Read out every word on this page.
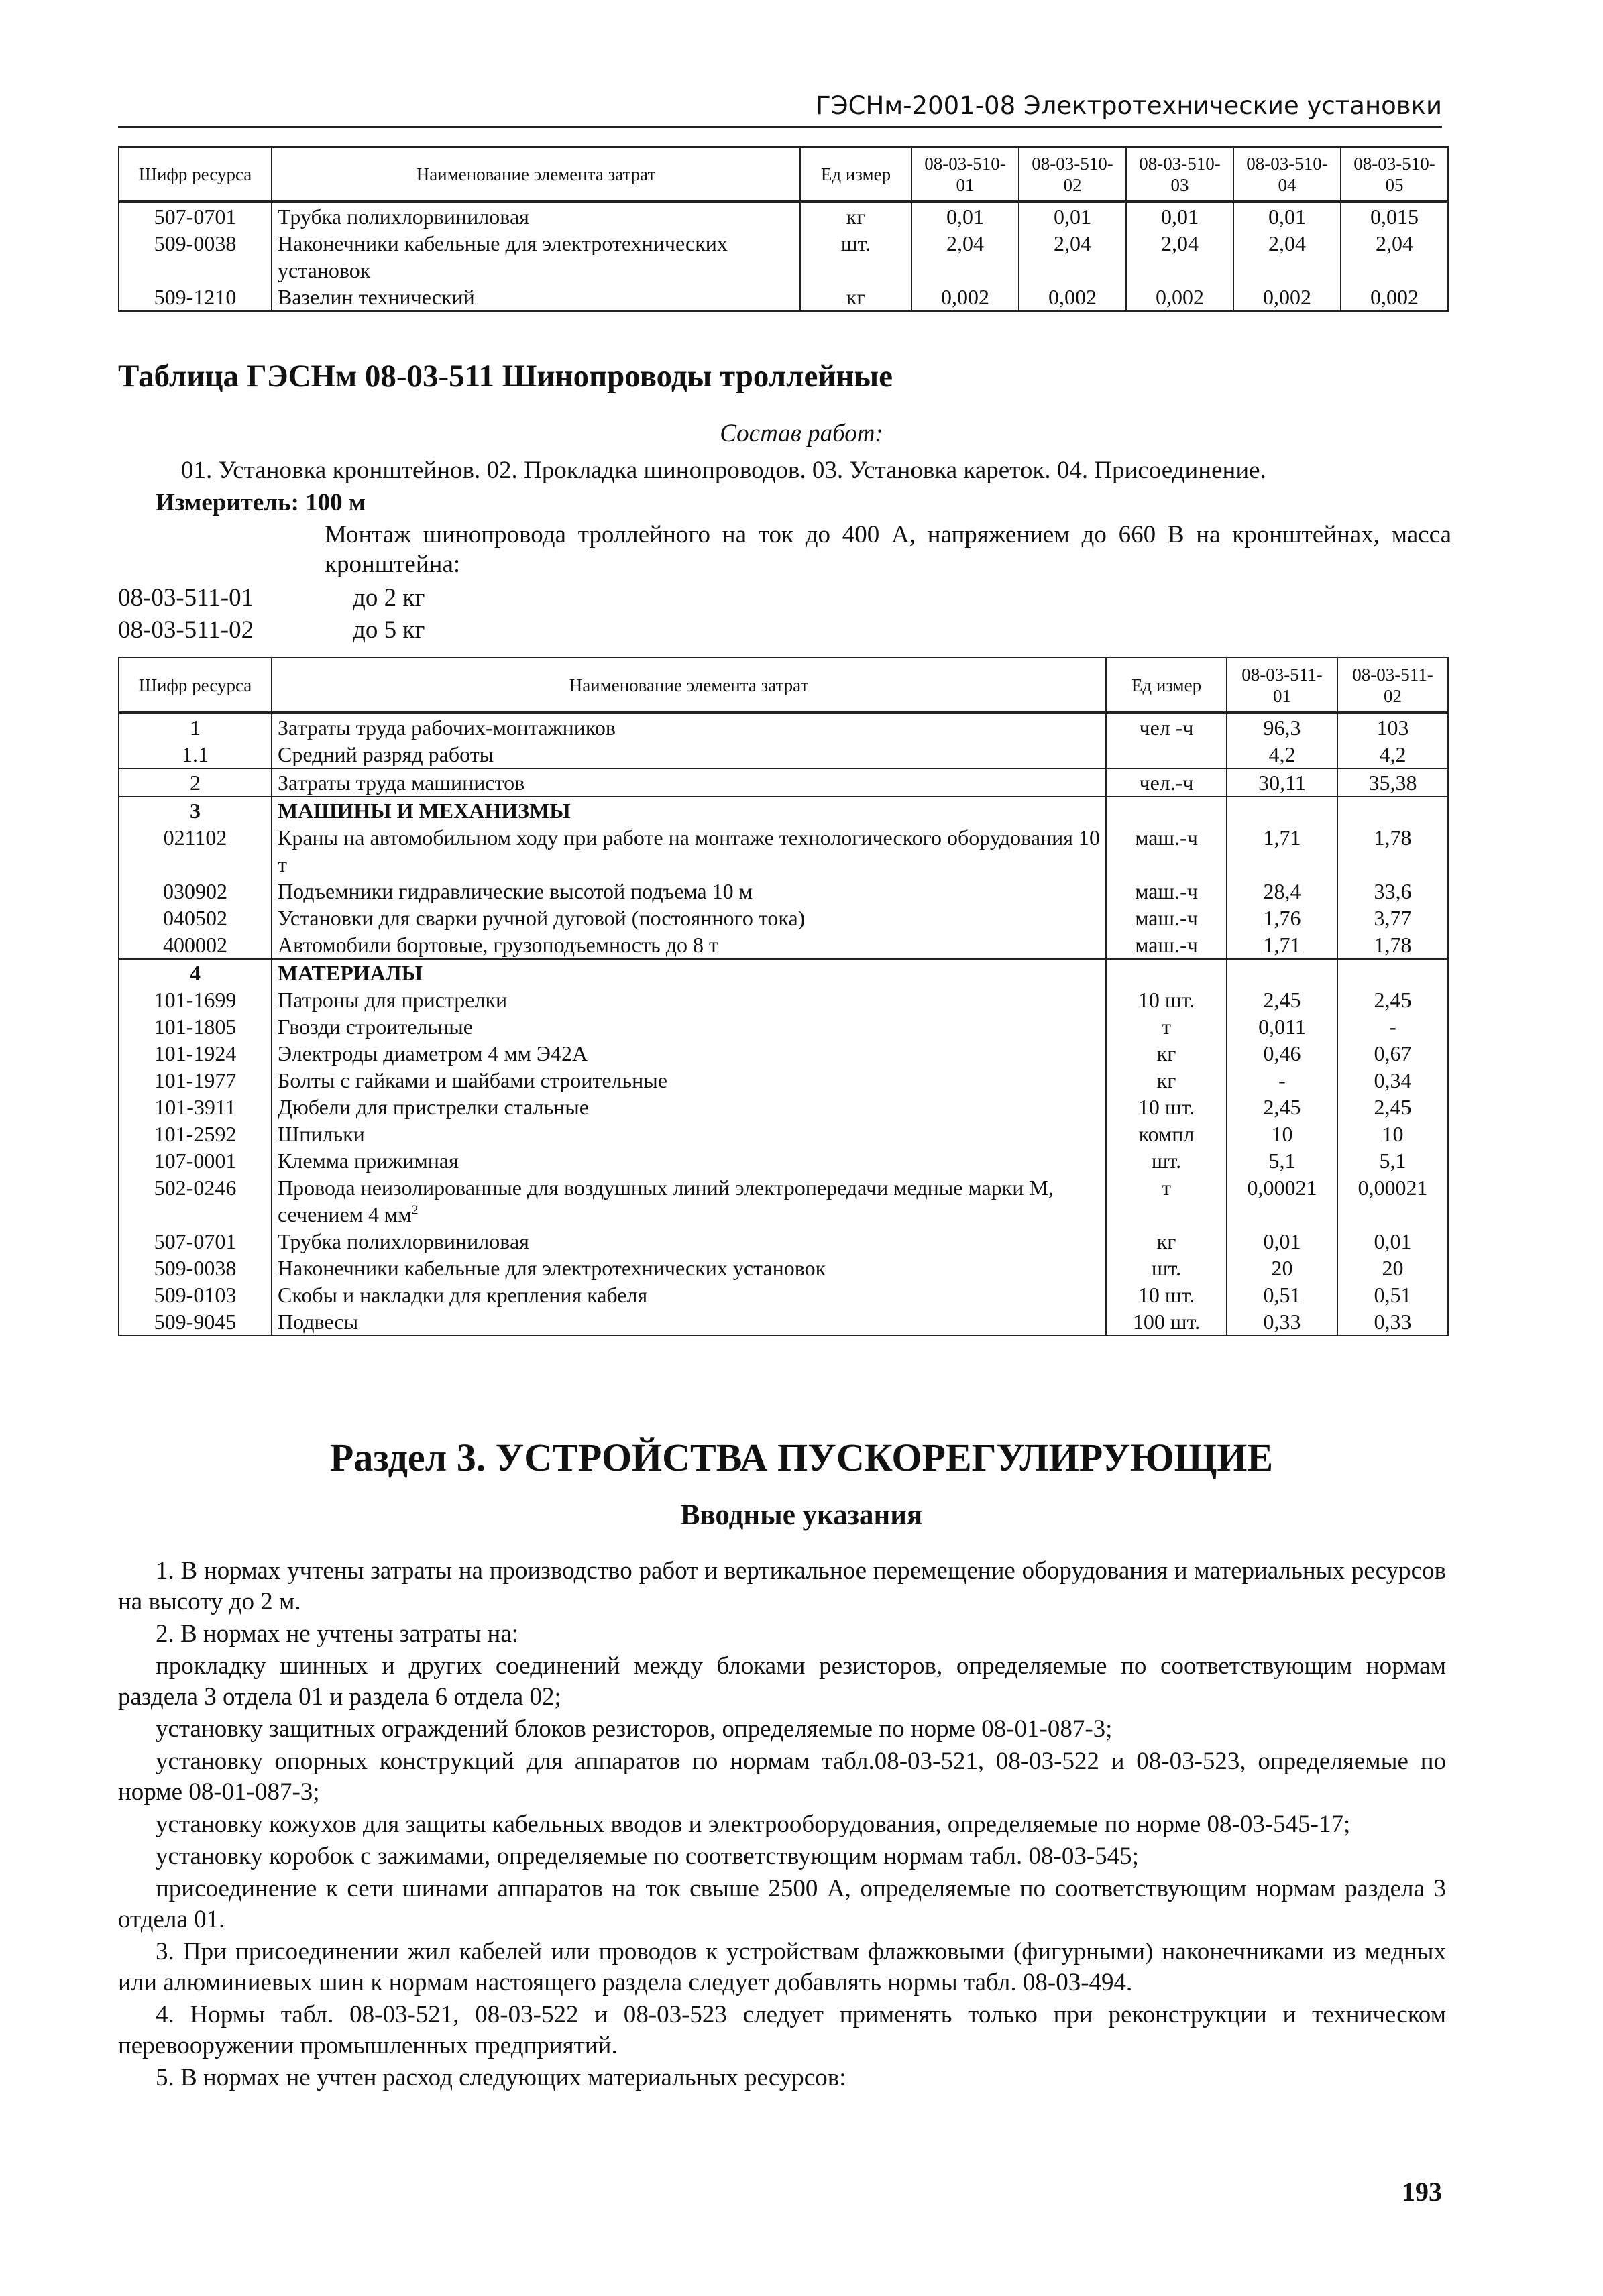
ГЭСНм-2001-08 Электротехнические установки
Шифр ресурса	Наименование элемента затрат	Ед измер	08-03-510-01	08-03-510-02	08-03-510-03	08-03-510-04	08-03-510-05
507-0701	Трубка полихлорвиниловая	кг	0,01	0,01	0,01	0,01	0,015
509-0038	Наконечники кабельные для электротехнических установок	шт.	2,04	2,04	2,04	2,04	2,04
509-1210	Вазелин технический	кг	0,002	0,002	0,002	0,002	0,002
Таблица ГЭСНм 08-03-511 Шинопроводы троллейные
Состав работ:
01. Установка кронштейнов. 02. Прокладка шинопроводов. 03. Установка кареток. 04. Присоединение.
Измеритель: 100 м
Монтаж шинопровода троллейного на ток до 400 А, напряжением до 660 В на кронштейнах, масса кронштейна:
08-03-511-01	до 2 кг
08-03-511-02	до 5 кг
Шифр ресурса	Наименование элемента затрат	Ед измер	08-03-511-01	08-03-511-02
1	Затраты труда рабочих-монтажников	чел -ч	96,3	103
1.1	Средний разряд работы		4,2	4,2
2	Затраты труда машинистов	чел.-ч	30,11	35,38
3	МАШИНЫ И МЕХАНИЗМЫ			
021102	Краны на автомобильном ходу при работе на монтаже технологического оборудования 10 т	маш.-ч	1,71	1,78
030902	Подъемники гидравлические высотой подъема 10 м	маш.-ч	28,4	33,6
040502	Установки для сварки ручной дуговой (постоянного тока)	маш.-ч	1,76	3,77
400002	Автомобили бортовые, грузоподъемность до 8 т	маш.-ч	1,71	1,78
4	МАТЕРИАЛЫ			
101-1699	Патроны для пристрелки	10 шт.	2,45	2,45
101-1805	Гвозди строительные	т	0,011	-
101-1924	Электроды диаметром 4 мм Э42А	кг	0,46	0,67
101-1977	Болты с гайками и шайбами строительные	кг	-	0,34
101-3911	Дюбели для пристрелки стальные	10 шт.	2,45	2,45
101-2592	Шпильки	компл	10	10
107-0001	Клемма прижимная	шт.	5,1	5,1
502-0246	Провода неизолированные для воздушных линий электропередачи медные марки М, сечением 4 $мм^2$	т	0,00021	0,00021
507-0701	Трубка полихлорвиниловая	кг	0,01	0,01
509-0038	Наконечники кабельные для электротехнических установок	шт.	20	20
509-0103	Скобы и накладки для крепления кабеля	10 шт.	0,51	0,51
509-9045	Подвесы	100 шт.	0,33	0,33
Раздел 3. УСТРОЙСТВА ПУСКОРЕГУЛИРУЮЩИЕ
Вводные указания

1. В нормах учтены затраты на производство работ и вертикальное перемещение оборудования и материальных ресурсов на высоту до 2 м.

2. В нормах не учтены затраты на:

прокладку шинных и других соединений между блоками резисторов, определяемые по соответствующим нормам раздела 3 отдела 01 и раздела 6 отдела 02;

установку защитных ограждений блоков резисторов, определяемые по норме 08-01-087-3;

установку опорных конструкций для аппаратов по нормам табл.08-03-521, 08-03-522 и 08-03-523, определяемые по норме 08-01-087-3;

установку кожухов для защиты кабельных вводов и электрооборудования, определяемые по норме 08-03-545-17;

установку коробок с зажимами, определяемые по соответствующим нормам табл. 08-03-545;

присоединение к сети шинами аппаратов на ток свыше 2500 А, определяемые по соответствующим нормам раздела 3 отдела 01.

3. При присоединении жил кабелей или проводов к устройствам флажковыми (фигурными) наконечниками из медных или алюминиевых шин к нормам настоящего раздела следует добавлять нормы табл. 08-03-494.

4. Нормы табл. 08-03-521, 08-03-522 и 08-03-523 следует применять только при реконструкции и техническом перевооружении промышленных предприятий.

5. В нормах не учтен расход следующих материальных ресурсов:

193
